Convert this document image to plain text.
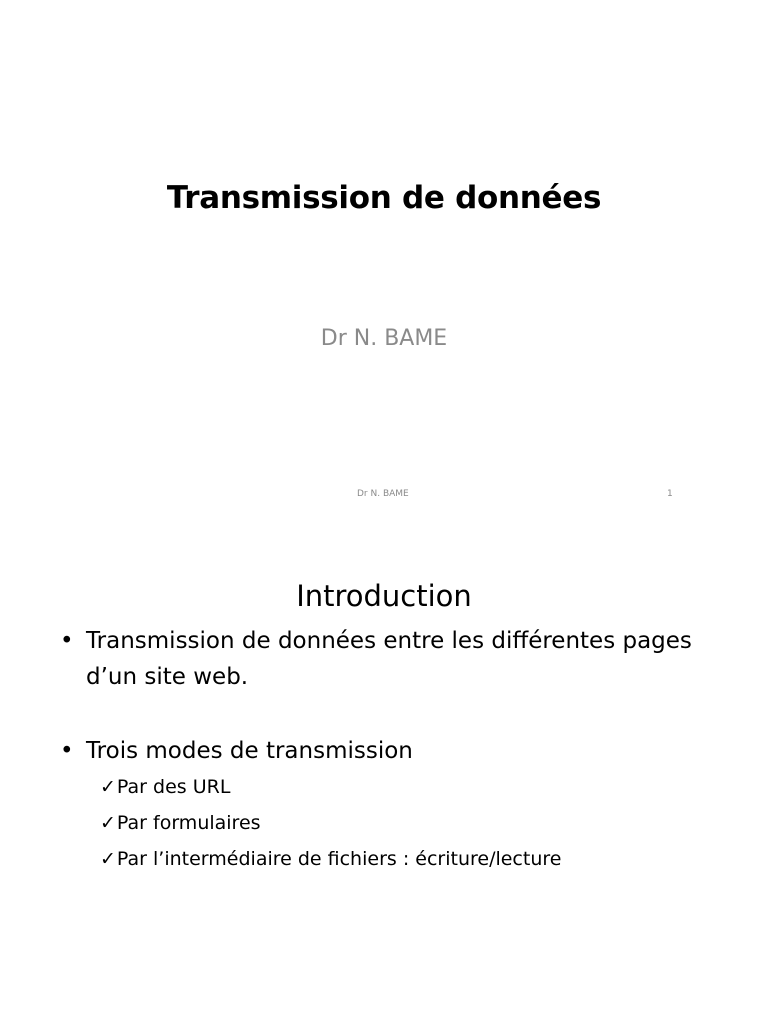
Transmission de données
Dr N. BAME
Dr N. BAME	1
Introduction
• Transmission de données entre les différentes pages d’un site web.
• Trois modes de transmission
✓ Par des URL
✓ Par formulaires
✓ Par l’intermédiaire de fichiers : écriture/lecture
